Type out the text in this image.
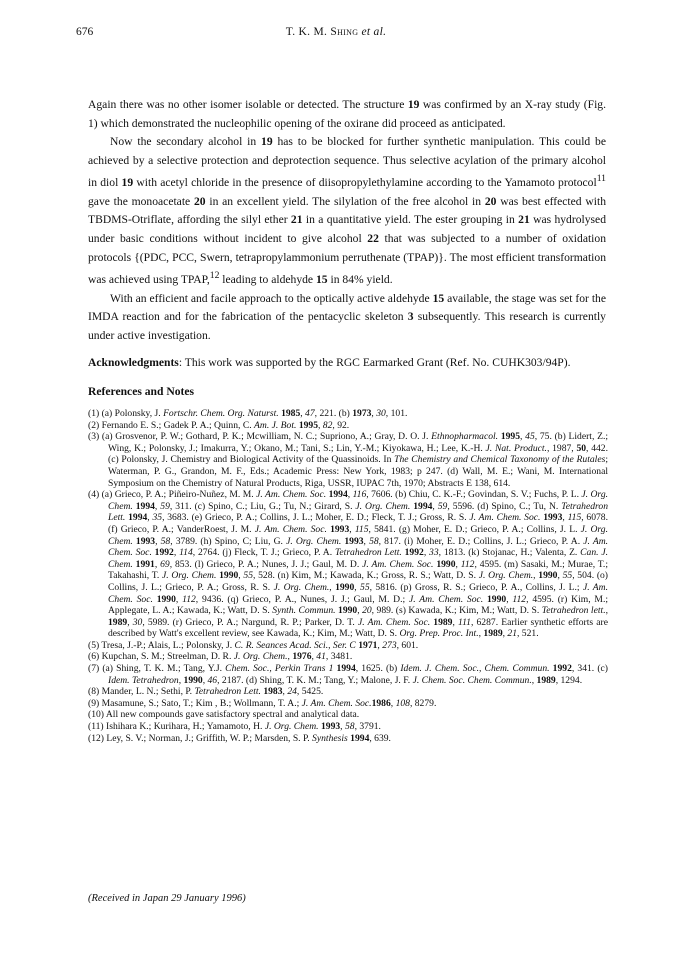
676	T. K. M. Shing et al.

Again there was no other isomer isolable or detected. The structure 19 was confirmed by an X-ray study (Fig. 1) which demonstrated the nucleophilic opening of the oxirane did proceed as anticipated.

Now the secondary alcohol in 19 has to be blocked for further synthetic manipulation. This could be achieved by a selective protection and deprotection sequence. Thus selective acylation of the primary alcohol in diol 19 with acetyl chloride in the presence of diisopropylethylamine according to the Yamamoto protocol$^{11}$ gave the monoacetate 20 in an excellent yield. The silylation of the free alcohol in 20 was best effected with TBDMS-Otriflate, affording the silyl ether 21 in a quantitative yield. The ester grouping in 21 was hydrolysed under basic conditions without incident to give alcohol 22 that was subjected to a number of oxidation protocols {(PDC, PCC, Swern, tetrapropylammonium perruthenate (TPAP)}. The most efficient transformation was achieved using TPAP,$^{12}$ leading to aldehyde 15 in 84% yield.

With an efficient and facile approach to the optically active aldehyde 15 available, the stage was set for the IMDA reaction and for the fabrication of the pentacyclic skeleton 3 subsequently. This research is currently under active investigation.

Acknowledgments: This work was supported by the RGC Earmarked Grant (Ref. No. CUHK303/94P).

References and Notes

(1) (a) Polonsky, J. Fortschr. Chem. Org. Naturst. 1985, 47, 221. (b) 1973, 30, 101.

(2) Fernando E. S.; Gadek P. A.; Quinn, C. Am. J. Bot. 1995, 82, 92.

(3) (a) Grosvenor, P. W.; Gothard, P. K.; Mcwilliam, N. C.; Supriono, A.; Gray, D. O. J. Ethnopharmacol. 1995, 45, 75. (b) Lidert, Z.; Wing, K.; Polonsky, J.; Imakurra, Y.; Okano, M.; Tani, S.; Lin, Y.-M.; Kiyokawa, H.; Lee, K.-H. J. Nat. Product., 1987, 50, 442. (c) Polonsky, J. Chemistry and Biological Activity of the Quassinoids. In The Chemistry and Chemical Taxonomy of the Rutales; Waterman, P. G., Grandon, M. F., Eds.; Academic Press: New York, 1983; p 247. (d) Wall, M. E.; Wani, M. International Symposium on the Chemistry of Natural Products, Riga, USSR, IUPAC 7th, 1970; Abstracts E 138, 614.

(4) (a) Grieco, P. A.; Piñeiro-Nuñez, M. M. J. Am. Chem. Soc. 1994, 116, 7606. (b) Chiu, C. K.-F.; Govindan, S. V.; Fuchs, P. L. J. Org. Chem. 1994, 59, 311. (c) Spino, C.; Liu, G.; Tu, N.; Girard, S. J. Org. Chem. 1994, 59, 5596. (d) Spino, C.; Tu, N. Tetrahedron Lett. 1994, 35, 3683. (e) Grieco, P. A.; Collins, J. L.; Moher, E. D.; Fleck, T. J.; Gross, R. S. J. Am. Chem. Soc. 1993, 115, 6078. (f) Grieco, P. A.; VanderRoest, J. M. J. Am. Chem. Soc. 1993, 115, 5841. (g) Moher, E. D.; Grieco, P. A.; Collins, J. L. J. Org. Chem. 1993, 58, 3789. (h) Spino, C; Liu, G. J. Org. Chem. 1993, 58, 817. (i) Moher, E. D.; Collins, J. L.; Grieco, P. A. J. Am. Chem. Soc. 1992, 114, 2764. (j) Fleck, T. J.; Grieco, P. A. Tetrahedron Lett. 1992, 33, 1813. (k) Stojanac, H.; Valenta, Z. Can. J. Chem. 1991, 69, 853. (l) Grieco, P. A.; Nunes, J. J.; Gaul, M. D. J. Am. Chem. Soc. 1990, 112, 4595. (m) Sasaki, M.; Murae, T.; Takahashi, T. J. Org. Chem. 1990, 55, 528. (n) Kim, M.; Kawada, K.; Gross, R. S.; Watt, D. S. J. Org. Chem., 1990, 55, 504. (o) Collins, J. L.; Grieco, P. A.; Gross, R. S. J. Org. Chem., 1990, 55, 5816. (p) Gross, R. S.; Grieco, P. A., Collins, J. L.; J. Am. Chem. Soc. 1990, 112, 9436. (q) Grieco, P. A., Nunes, J. J.; Gaul, M. D.; J. Am. Chem. Soc. 1990, 112, 4595. (r) Kim, M.; Applegate, L. A.; Kawada, K.; Watt, D. S. Synth. Commun. 1990, 20, 989. (s) Kawada, K.; Kim, M.; Watt, D. S. Tetrahedron lett., 1989, 30, 5989. (r) Grieco, P. A.; Nargund, R. P.; Parker, D. T. J. Am. Chem. Soc. 1989, 111, 6287. Earlier synthetic efforts are described by Watt's excellent review, see Kawada, K.; Kim, M.; Watt, D. S. Org. Prep. Proc. Int., 1989, 21, 521.

(5) Tresa, J.-P.; Alais, L.; Polonsky, J. C. R. Seances Acad. Sci., Ser. C 1971, 273, 601.

(6) Kupchan, S. M.; Streelman, D. R. J. Org. Chem., 1976, 41, 3481.

(7) (a) Shing, T. K. M.; Tang, Y.J. Chem. Soc., Perkin Trans 1 1994, 1625. (b) Idem. J. Chem. Soc., Chem. Commun. 1992, 341. (c) Idem. Tetrahedron, 1990, 46, 2187. (d) Shing, T. K. M.; Tang, Y.; Malone, J. F. J. Chem. Soc. Chem. Commun., 1989, 1294.

(8) Mander, L. N.; Sethi, P. Tetrahedron Lett. 1983, 24, 5425.

(9) Masamune, S.; Sato, T.; Kim , B.; Wollmann, T. A.; J. Am. Chem. Soc.1986, 108, 8279.

(10) All new compounds gave satisfactory spectral and analytical data.

(11) Ishihara K.; Kurihara, H.; Yamamoto, H. J. Org. Chem. 1993, 58, 3791.

(12) Ley, S. V.; Norman, J.; Griffith, W. P.; Marsden, S. P. Synthesis 1994, 639.

(Received in Japan 29 January 1996)
